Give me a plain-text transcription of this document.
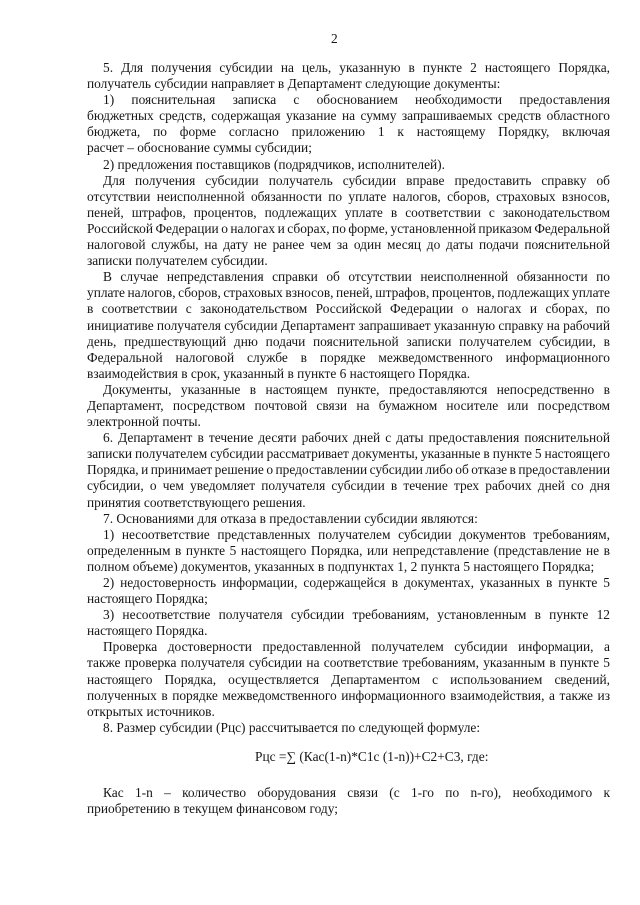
2
5. Для получения субсидии на цель, указанную в пункте 2 настоящего Порядка,
получатель субсидии направляет в Департамент следующие документы:
1) пояснительная записка с обоснованием необходимости предоставления
бюджетных средств, содержащая указание на сумму запрашиваемых средств областного
бюджета, по форме согласно приложению 1 к настоящему Порядку, включая
расчет – обоснование суммы субсидии;
2) предложения поставщиков (подрядчиков, исполнителей).
Для получения субсидии получатель субсидии вправе предоставить справку об
отсутствии неисполненной обязанности по уплате налогов, сборов, страховых взносов,
пеней, штрафов, процентов, подлежащих уплате в соответствии с законодательством
Российской Федерации о налогах и сборах, по форме, установленной приказом Федеральной
налоговой службы, на дату не ранее чем за один месяц до даты подачи пояснительной
записки получателем субсидии.
В случае непредставления справки об отсутствии неисполненной обязанности по
уплате налогов, сборов, страховых взносов, пеней, штрафов, процентов, подлежащих уплате
в соответствии с законодательством Российской Федерации о налогах и сборах, по
инициативе получателя субсидии Департамент запрашивает указанную справку на рабочий
день, предшествующий дню подачи пояснительной записки получателем субсидии, в
Федеральной налоговой службе в порядке межведомственного информационного
взаимодействия в срок, указанный в пункте 6 настоящего Порядка.
Документы, указанные в настоящем пункте, предоставляются непосредственно в
Департамент, посредством почтовой связи на бумажном носителе или посредством
электронной почты.
6. Департамент в течение десяти рабочих дней с даты предоставления пояснительной
записки получателем субсидии рассматривает документы, указанные в пункте 5 настоящего
Порядка, и принимает решение о предоставлении субсидии либо об отказе в предоставлении
субсидии, о чем уведомляет получателя субсидии в течение трех рабочих дней со дня
принятия соответствующего решения.
7. Основаниями для отказа в предоставлении субсидии являются:
1) несоответствие представленных получателем субсидии документов требованиям,
определенным в пункте 5 настоящего Порядка, или непредставление (представление не в
полном объеме) документов, указанных в подпунктах 1, 2 пункта 5 настоящего Порядка;
2) недостоверность информации, содержащейся в документах, указанных в пункте 5
настоящего Порядка;
3) несоответствие получателя субсидии требованиям, установленным в пункте 12
настоящего Порядка.
Проверка достоверности предоставленной получателем субсидии информации, а
также проверка получателя субсидии на соответствие требованиям, указанным в пункте 5
настоящего Порядка, осуществляется Департаментом с использованием сведений,
полученных в порядке межведомственного информационного взаимодействия, а также из
открытых источников.
8. Размер субсидии (Рцс) рассчитывается по следующей формуле:
Рцс =∑ (Кас(1-n)*С1с (1-n))+С2+С3, где:
Кас 1-n – количество оборудования связи (с 1-го по n-го), необходимого к
приобретению в текущем финансовом году;
